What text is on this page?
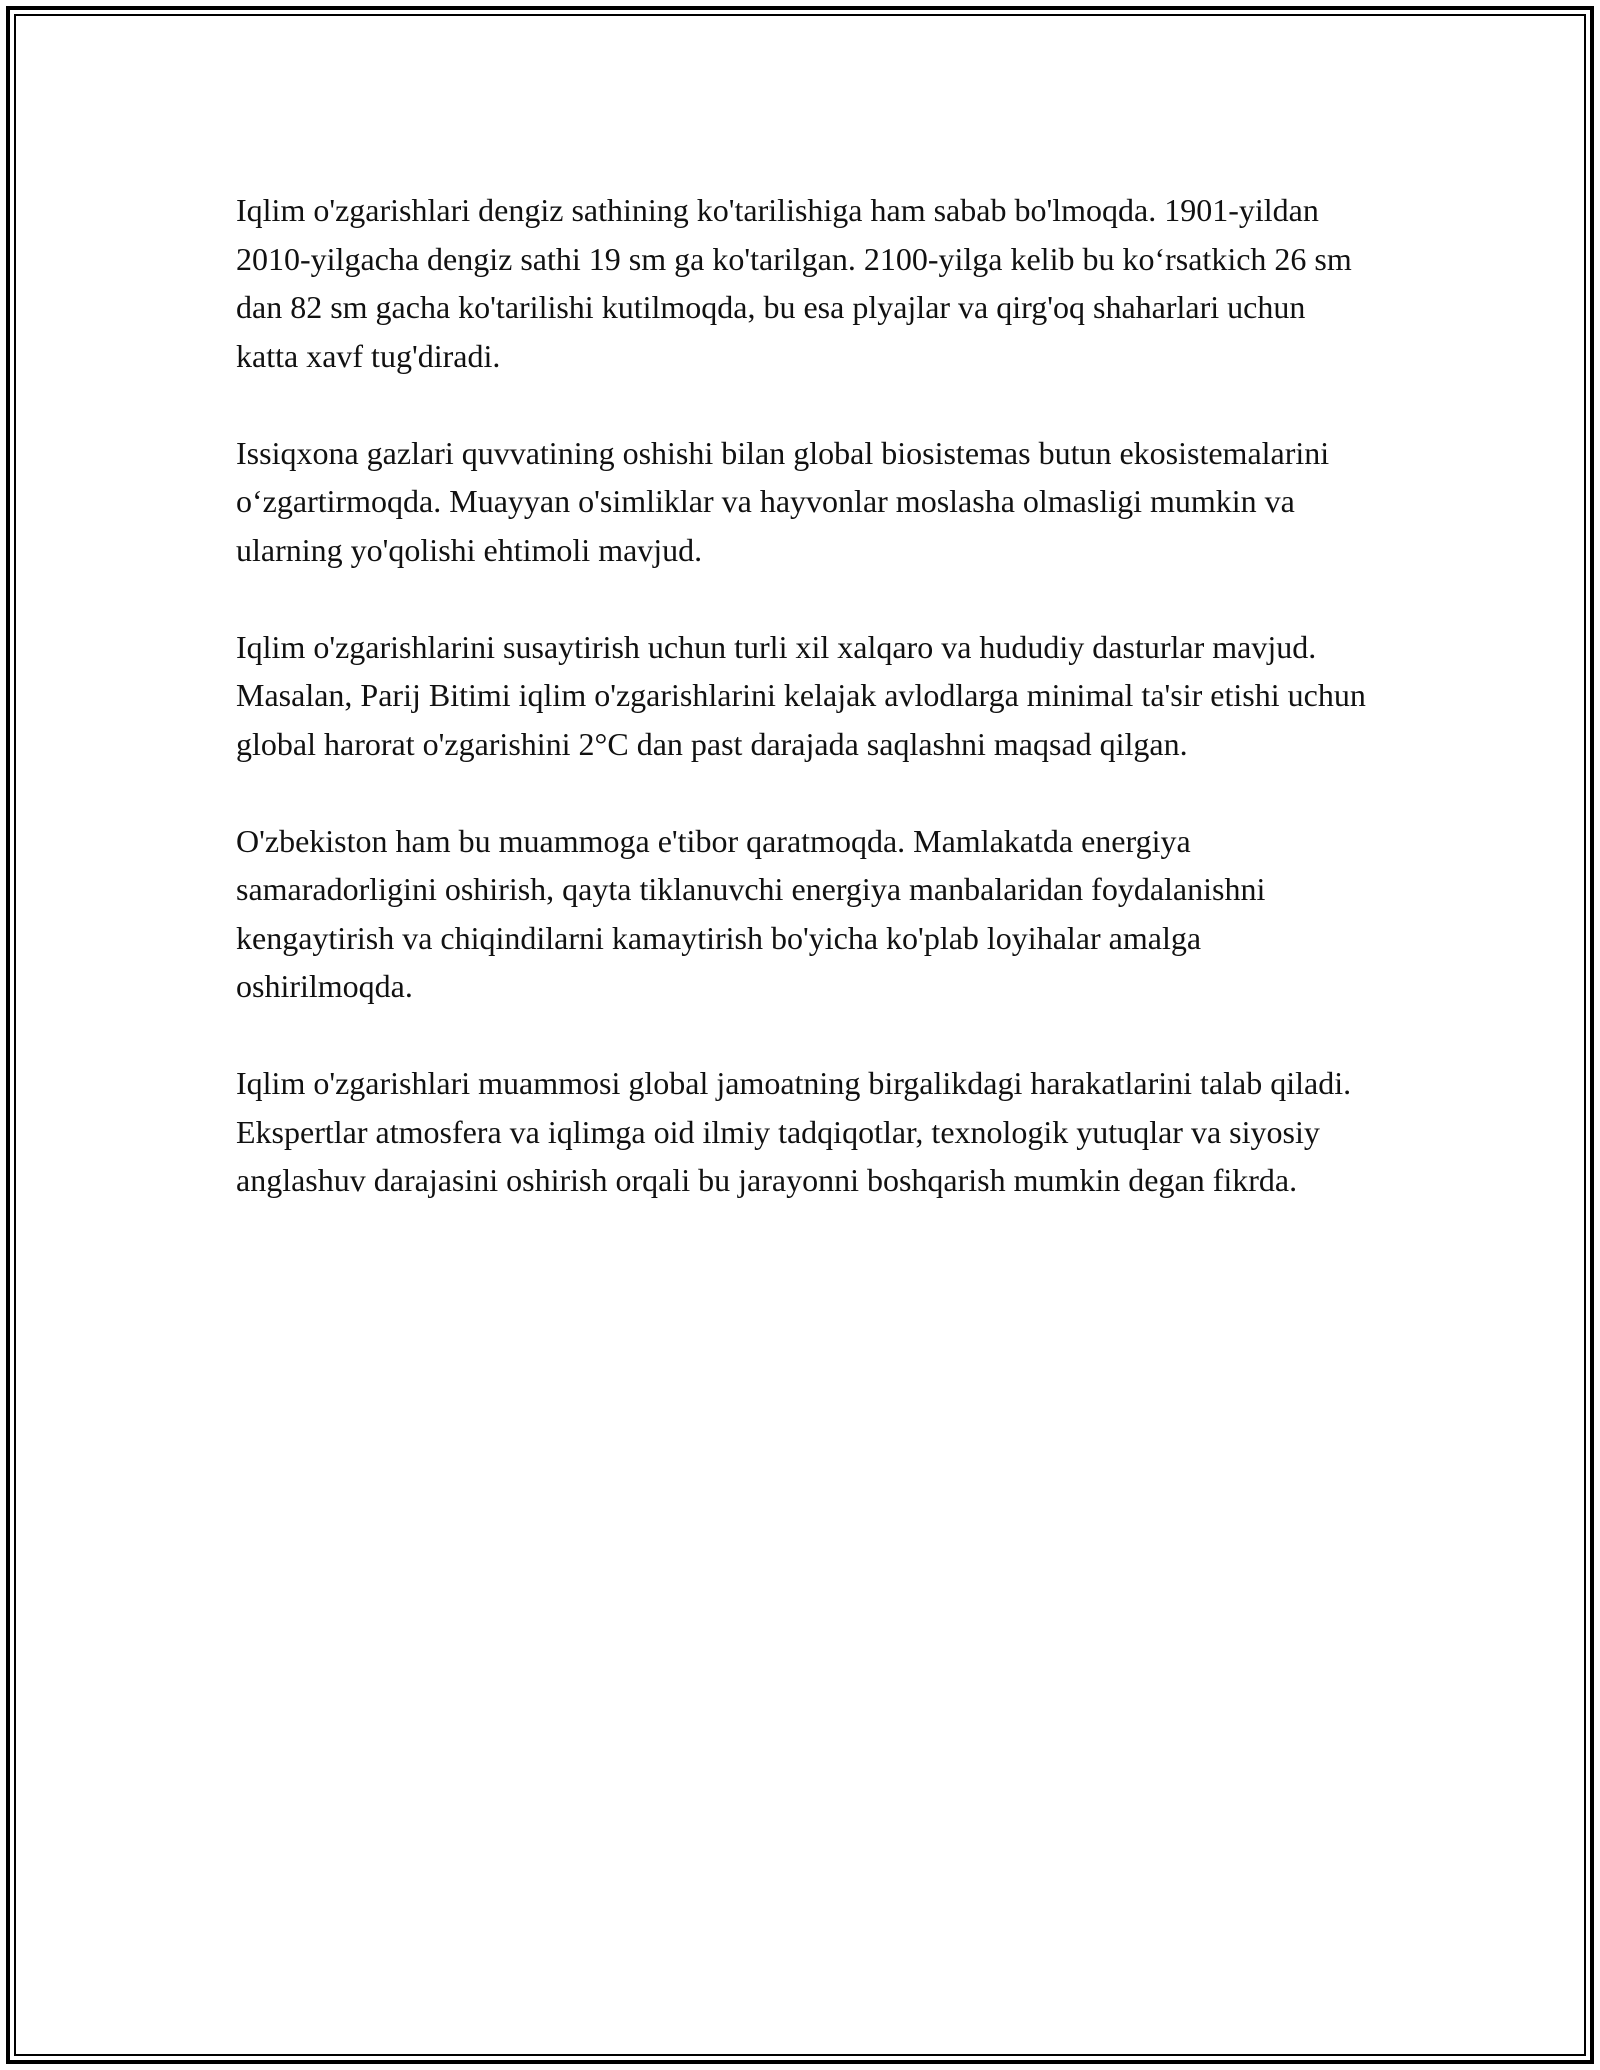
Iqlim o'zgarishlari dengiz sathining ko'tarilishiga ham sabab bo'lmoqda. 1901-yildan 2010-yilgacha dengiz sathi 19 sm ga ko'tarilgan. 2100-yilga kelib bu ko‘rsatkich 26 sm dan 82 sm gacha ko'tarilishi kutilmoqda, bu esa plyajlar va qirg'oq shaharlari uchun katta xavf tug'diradi.

Issiqxona gazlari quvvatining oshishi bilan global biosistemas butun ekosistemalarini o‘zgartirmoqda. Muayyan o'simliklar va hayvonlar moslasha olmasligi mumkin va ularning yo'qolishi ehtimoli mavjud.

Iqlim o'zgarishlarini susaytirish uchun turli xil xalqaro va hududiy dasturlar mavjud. Masalan, Parij Bitimi iqlim o'zgarishlarini kelajak avlodlarga minimal ta'sir etishi uchun global harorat o'zgarishini 2°C dan past darajada saqlashni maqsad qilgan.

O'zbekiston ham bu muammoga e'tibor qaratmoqda. Mamlakatda energiya samaradorligini oshirish, qayta tiklanuvchi energiya manbalaridan foydalanishni kengaytirish va chiqindilarni kamaytirish bo'yicha ko'plab loyihalar amalga oshirilmoqda.

Iqlim o'zgarishlari muammosi global jamoatning birgalikdagi harakatlarini talab qiladi. Ekspertlar atmosfera va iqlimga oid ilmiy tadqiqotlar, texnologik yutuqlar va siyosiy anglashuv darajasini oshirish orqali bu jarayonni boshqarish mumkin degan fikrda.
